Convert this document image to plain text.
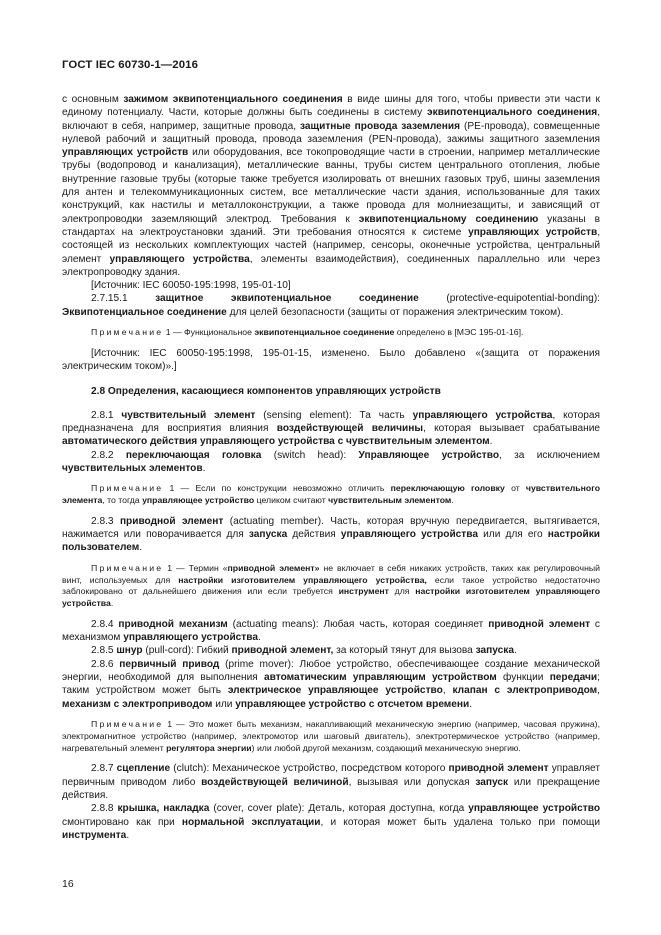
ГОСТ IEC 60730-1—2016

с основным зажимом эквипотенциального соединения в виде шины для того, чтобы привести эти части к единому потенциалу. Части, которые должны быть соединены в систему эквипотенциального соединения, включают в себя, например, защитные провода, защитные провода заземления (PE-провода), совмещенные нулевой рабочий и защитный провода, провода заземления (PEN-провода), зажимы защитного заземления управляющих устройств или оборудования, все токопроводящие части в строении, например металлические трубы (водопровод и канализация), металлические ванны, трубы систем центрального отопления, любые внутренние газовые трубы (которые также требуется изолировать от внешних газовых труб, шины заземления для антен и телекоммуникационных систем, все металлические части здания, использованные для таких конструкций, как настилы и металлоконструкции, а также провода для молниезащиты, и зависящий от электропроводки заземляющий электрод. Требования к эквипотенциальному соединению указаны в стандартах на электроустановки зданий. Эти требования относятся к системе управляющих устройств, состоящей из нескольких комплектующих частей (например, сенсоры, оконечные устройства, центральный элемент управляющего устройства, элементы взаимодействия), соединенных параллельно или через электропроводку здания.

[Источник: IEC 60050-195:1998, 195-01-10]

2.7.15.1 защитное эквипотенциальное соединение (protective-equipotential-bonding): Эквипотенциальное соединение для целей безопасности (защиты от поражения электрическим током).

Примечание 1 — Функциональное эквипотенциальное соединение определено в [МЭС 195-01-16].

[Источник: IEC 60050-195:1998, 195-01-15, изменено. Было добавлено «(защита от поражения электрическим током)».]

2.8 Определения, касающиеся компонентов управляющих устройств

2.8.1 чувствительный элемент (sensing element): Та часть управляющего устройства, которая предназначена для восприятия влияния воздействующей величины, которая вызывает срабатывание автоматического действия управляющего устройства с чувствительным элементом.

2.8.2 переключающая головка (switch head): Управляющее устройство, за исключением чувствительных элементов.

Примечание 1 — Если по конструкции невозможно отличить переключающую головку от чувствительного элемента, то тогда управляющее устройство целиком считают чувствительным элементом.

2.8.3 приводной элемент (actuating member). Часть, которая вручную передвигается, вытягивается, нажимается или поворачивается для запуска действия управляющего устройства или для его настройки пользователем.

Примечание 1 — Термин «приводной элемент» не включает в себя никаких устройств, таких как регулировочный винт, используемых для настройки изготовителем управляющего устройства, если такое устройство недостаточно заблокировано от дальнейшего движения или если требуется инструмент для настройки изготовителем управляющего устройства.

2.8.4 приводной механизм (actuating means): Любая часть, которая соединяет приводной элемент с механизмом управляющего устройства.

2.8.5 шнур (pull-cord): Гибкий приводной элемент, за который тянут для вызова запуска.

2.8.6 первичный привод (prime mover): Любое устройство, обеспечивающее создание механической энергии, необходимой для выполнения автоматическим управляющим устройством функции передачи; таким устройством может быть электрическое управляющее устройство, клапан с электроприводом, механизм с электроприводом или управляющее устройство с отсчетом времени.

Примечание 1 — Это может быть механизм, накапливающий механическую энергию (например, часовая пружина), электромагнитное устройство (например, электромотор или шаговый двигатель), электротермическое устройство (например, нагревательный элемент регулятора энергии) или любой другой механизм, создающий механическую энергию.

2.8.7 сцепление (clutch): Механическое устройство, посредством которого приводной элемент управляет первичным приводом либо воздействующей величиной, вызывая или допуская запуск или прекращение действия.

2.8.8 крышка, накладка (cover, cover plate): Деталь, которая доступна, когда управляющее устройство смонтировано как при нормальной эксплуатации, и которая может быть удалена только при помощи инструмента.

16
